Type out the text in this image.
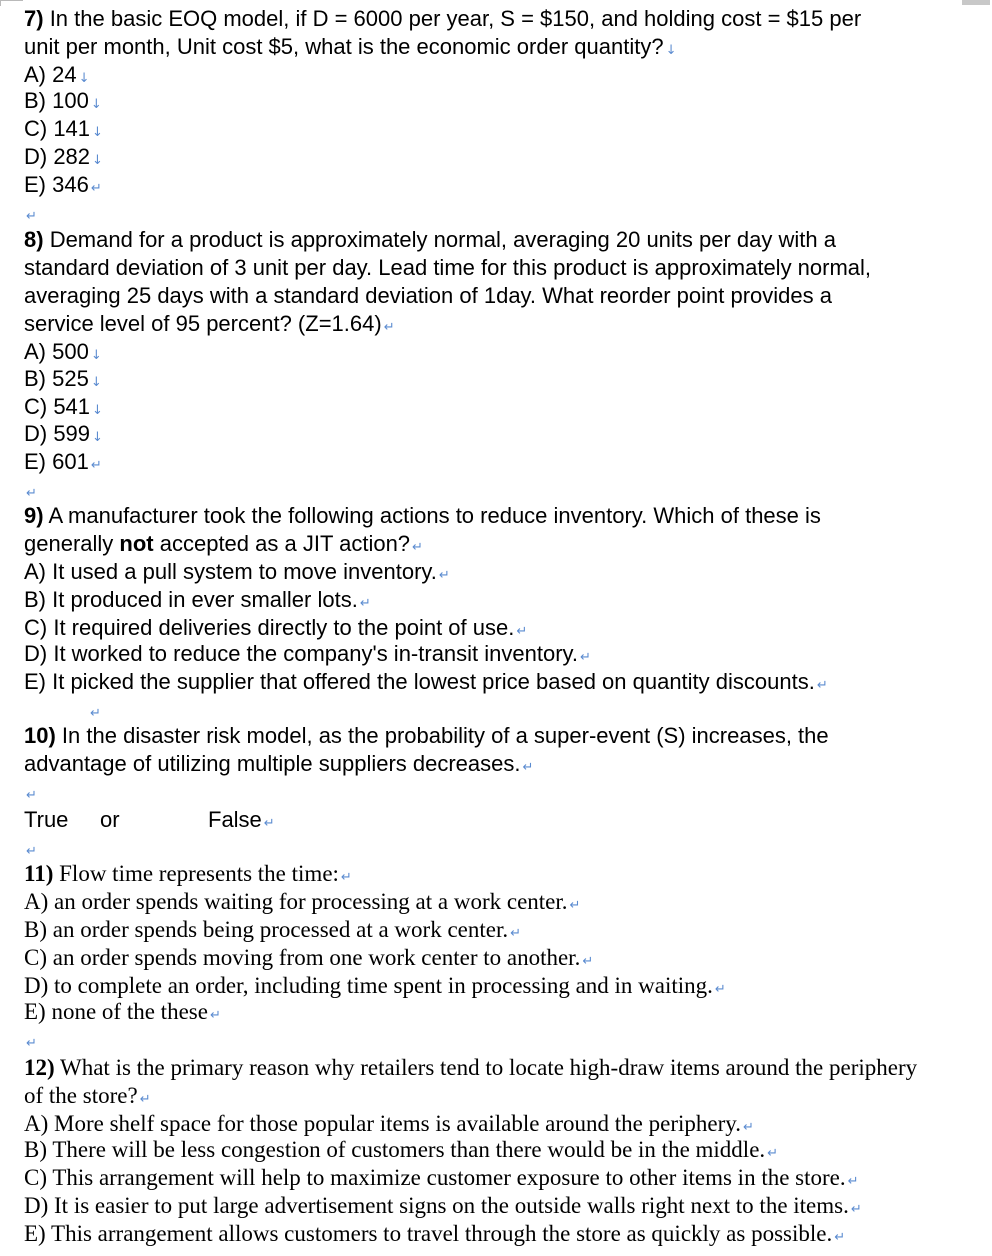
7) In the basic EOQ model, if D = 6000 per year, S = $150, and holding cost = $15 per
unit per month, Unit cost $5, what is the economic order quantity? ↓
A) 24 ↓
B) 100 ↓
C) 141 ↓
D) 282 ↓
E) 346 ↵
↵
8) Demand for a product is approximately normal, averaging 20 units per day with a
standard deviation of 3 unit per day. Lead time for this product is approximately normal,
averaging 25 days with a standard deviation of 1day. What reorder point provides a
service level of 95 percent? (Z=1.64) ↵
A) 500 ↓
B) 525 ↓
C) 541 ↓
D) 599 ↓
E) 601 ↵
↵
9) A manufacturer took the following actions to reduce inventory. Which of these is
generally not accepted as a JIT action? ↵
A) It used a pull system to move inventory. ↵
B) It produced in ever smaller lots. ↵
C) It required deliveries directly to the point of use. ↵
D) It worked to reduce the company's in-transit inventory. ↵
E) It picked the supplier that offered the lowest price based on quantity discounts. ↵
↵
10) In the disaster risk model, as the probability of a super-event (S) increases, the
advantage of utilizing multiple suppliers decreases. ↵
↵
True or	False ↵
↵
11) Flow time represents the time: ↵
A) an order spends waiting for processing at a work center. ↵
B) an order spends being processed at a work center. ↵
C) an order spends moving from one work center to another. ↵
D) to complete an order, including time spent in processing and in waiting. ↵
E) none of the these ↵
↵
12) What is the primary reason why retailers tend to locate high-draw items around the periphery
of the store? ↵
A) More shelf space for those popular items is available around the periphery. ↵
B) There will be less congestion of customers than there would be in the middle. ↵
C) This arrangement will help to maximize customer exposure to other items in the store. ↵
D) It is easier to put large advertisement signs on the outside walls right next to the items. ↵
E) This arrangement allows customers to travel through the store as quickly as possible. ↵
